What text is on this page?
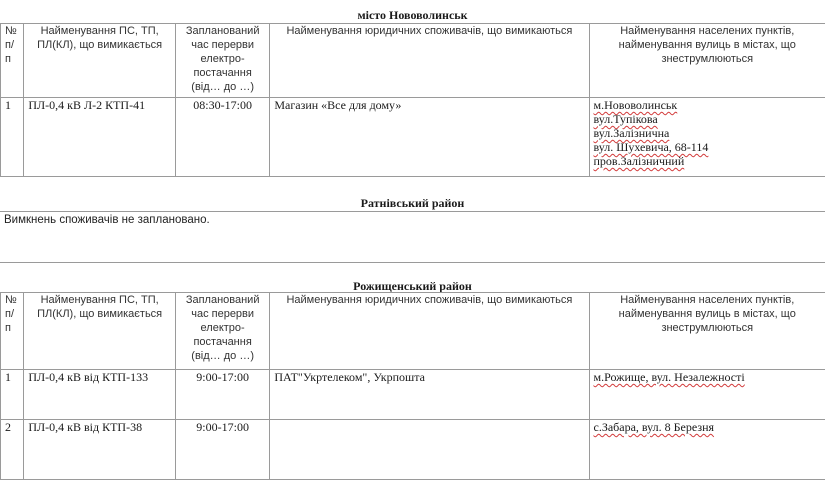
місто Нововолинськ
№ п/п	Найменування ПС, ТП, ПЛ(КЛ), що вимикається	Запланований час перерви електро-постачання (від… до …)	Найменування юридичних споживачів, що вимикаються	Найменування населених пунктів, найменування вулиць в містах, що знеструмлюються
1	ПЛ-0,4 кВ Л-2 КТП-41	08:30-17:00	Магазин «Все для дому»	м.Нововолинськ
вул.Тупікова
вул.Залізнична
вул. Шухевича, 68-114
пров.Залізничний
Ратнівський район
Вимкнень споживачів не заплановано.
Рожищенський район
№ п/п	Найменування ПС, ТП, ПЛ(КЛ), що вимикається	Запланований час перерви електро-постачання (від… до …)	Найменування юридичних споживачів, що вимикаються	Найменування населених пунктів, найменування вулиць в містах, що знеструмлюються
1	ПЛ-0,4 кВ від КТП-133	9:00-17:00	ПАТ"Укртелеком", Укрпошта	м.Рожище, вул. Незалежності

2	ПЛ-0,4 кВ від КТП-38	9:00-17:00		с.Забара, вул. 8 Березня
